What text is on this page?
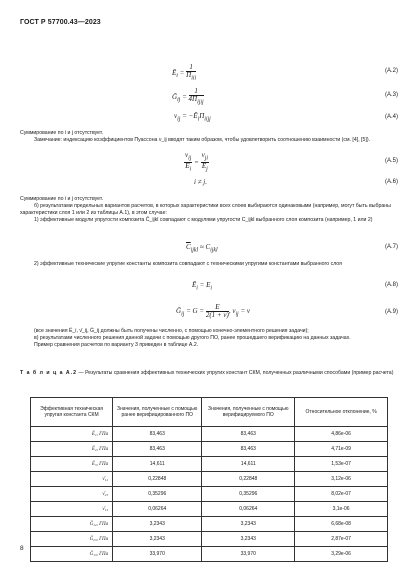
ГОСТ Р 57700.43—2023
$Ē_i = \frac{1}{\Pi_{iii}}$	(A.2)
Ḡ$_{ij}$ = $\frac{1}{4\Pi_{ijij}}$	(A.3)
$\nu_{ij}$ = $-Ē_i\Pi_{iijj}$	(A.4)

Суммирование по i и j отсутствует.

Замечание: индексацию коэффициентов Пуассона ν_ij вводят таким образом, чтобы удовлетворить соотношению взаимности (см. [4], [5]).

$\frac{\nu_{ij}}{E_i} = \frac{\nu_{ji}}{E_j}$	(A.5)
i ≠ j.	(A.6)

Суммирование по i и j отсутствует.

б) результатами предельных вариантов расчетов, в которых характеристики всех слоев выбираются одинаковыми (например, могут быть выбраны характеристики слоя 1 или 2 из таблицы А.1), в этом случае:

1) эффективные модули упругости композита C̄_ijkl совпадают с модулями упругости C_ijkl выбранного слоя композита (например, 1 или 2)

$\overline{C}_{ijkl} \approx C_{ijkl}$
(A.7)

2) эффективные технические упругие константы композита совпадают с техническими упругими константами выбранного слоя

$Ē_i = E_i$
(A.8)
Ḡ$_{ij}$ = $G = \frac{E}{2(1 + \nu)}$ , $\nu_{ij} = \nu$	(A.9)

(все значения Ē_i, ν̄_ij, Ḡ_ij должны быть получены численно, с помощью конечно-элементного решения задачи);

в) результатами численного решения данной задачи с помощью другого ПО, ранее прошедшего верификацию на данных задачах.

Пример сравнения расчетов по варианту 3 приведен в таблице А.2.

Т а б л и ц а А.2 — Результаты сравнения эффективных технических упругих констант СКМ, полученных различными способами (пример расчета)
Эффективная техническая упругая константа СКМ	Значения, полученные с помощью ранее верифицированного ПО	Значения, полученные с помощью верифицируемого ПО	Относительное отклонение, %
Ē₁, ГПа	83,463	83,463	4,86e-06
Ē₂, ГПа	83,463	83,463	4,71e-09
Ē₃, ГПа	14,611	14,611	1,53e-07
ν̄₁₂	0,22848	0,22848	3,12e-06
ν̄₂₃	0,35296	0,35296	8,02e-07
ν̄₁₃	0,06264	0,06264	3,1e-06
Ḡ₁₂, ГПа	3,2343	3,2343	6,68e-08
Ḡ₂₃, ГПа	3,2343	3,2343	2,87e-07
Ḡ₁₃, ГПа	33,970	33,970	3,29e-06
8
